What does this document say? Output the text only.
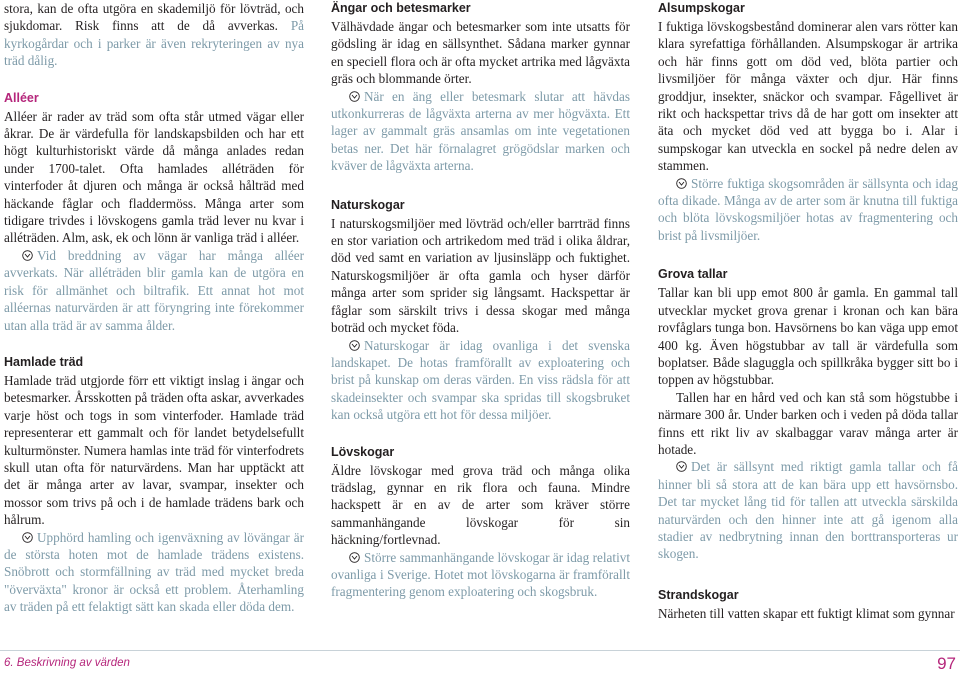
stora, kan de ofta utgöra en skademiljö för lövträd, och sjukdomar. Risk finns att de då avverkas. På kyrkogårdar och i parker är även rekryteringen av nya träd dålig.

Alléer

Alléer är rader av träd som ofta står utmed vägar eller åkrar. De är värdefulla för landskapsbilden och har ett högt kulturhistoriskt värde då många anlades redan under 1700-talet. Ofta hamlades alléträden för vinterfoder åt djuren och många är också hålträd med häckande fåglar och fladdermöss. Många arter som tidigare trivdes i lövskogens gamla träd lever nu kvar i alléträden. Alm, ask, ek och lönn är vanliga träd i alléer.

Vid breddning av vägar har många alléer avverkats. När alléträden blir gamla kan de utgöra en risk för allmänhet och biltrafik. Ett annat hot mot alléernas naturvärden är att föryngring inte förekommer utan alla träd är av samma ålder.

Hamlade träd

Hamlade träd utgjorde förr ett viktigt inslag i ängar och betesmarker. Årsskotten på träden ofta askar, avverkades varje höst och togs in som vinterfoder. Hamlade träd representerar ett gammalt och för landet betydelsefullt kulturmönster. Numera hamlas inte träd för vinterfodrets skull utan ofta för naturvärdens. Man har upptäckt att det är många arter av lavar, svampar, insekter och mossor som trivs på och i de hamlade trädens bark och hålrum.

Upphörd hamling och igenväxning av lövängar är de största hoten mot de hamlade trädens existens. Snöbrott och stormfällning av träd med mycket breda "överväxta" kronor är också ett problem. Återhamling av träden på ett felaktigt sätt kan skada eller döda dem.

Ängar och betesmarker

Välhävdade ängar och betesmarker som inte utsatts för gödsling är idag en sällsynthet. Sådana marker gynnar en speciell flora och är ofta mycket artrika med lågväxta gräs och blommande örter.

När en äng eller betesmark slutar att hävdas utkonkurreras de lågväxta arterna av mer högväxta. Ett lager av gammalt gräs ansamlas om inte vegetationen betas ner. Det här förnalagret grögödslar marken och kväver de lågväxta arterna.

Naturskogar

I naturskogsmiljöer med lövträd och/eller barrträd finns en stor variation och artrikedom med träd i olika åldrar, död ved samt en variation av ljusinsläpp och fuktighet. Naturskogsmiljöer är ofta gamla och hyser därför många arter som sprider sig långsamt. Hackspettar är fåglar som särskilt trivs i dessa skogar med många boträd och mycket föda.

Naturskogar är idag ovanliga i det svenska landskapet. De hotas framförallt av exploatering och brist på kunskap om deras värden. En viss rädsla för att skadeinsekter och svampar ska spridas till skogsbruket kan också utgöra ett hot för dessa miljöer.

Lövskogar

Äldre lövskogar med grova träd och många olika trädslag, gynnar en rik flora och fauna. Mindre hackspett är en av de arter som kräver större sammanhängande lövskogar för sin häckning/fortlevnad.

Större sammanhängande lövskogar är idag relativt ovanliga i Sverige. Hotet mot lövskogarna är framförallt fragmentering genom exploatering och skogsbruk.

Alsumpskogar

I fuktiga lövskogsbestånd dominerar alen vars rötter kan klara syrefattiga förhållanden. Alsumpskogar är artrika och här finns gott om död ved, blöta partier och livsmiljöer för många växter och djur. Här finns groddjur, insekter, snäckor och svampar. Fågellivet är rikt och hackspettar trivs då de har gott om insekter att äta och mycket död ved att bygga bo i. Alar i sumpskogar kan utveckla en sockel på nedre delen av stammen.

Större fuktiga skogsområden är sällsynta och idag ofta dikade. Många av de arter som är knutna till fuktiga och blöta lövskogsmiljöer hotas av fragmentering och brist på livsmiljöer.

Grova tallar

Tallar kan bli upp emot 800 år gamla. En gammal tall utvecklar mycket grova grenar i kronan och kan bära rovfåglars tunga bon. Havsörnens bo kan väga upp emot 400 kg. Även högstubbar av tall är värdefulla som boplatser. Både slaguggla och spillkråka bygger sitt bo i toppen av högstubbar.

Tallen har en hård ved och kan stå som högstubbe i närmare 300 år. Under barken och i veden på döda tallar finns ett rikt liv av skalbaggar varav många arter är hotade.

Det är sällsynt med riktigt gamla tallar och få hinner bli så stora att de kan bära upp ett havsörnsbo. Det tar mycket lång tid för tallen att utveckla särskilda naturvärden och den hinner inte att gå igenom alla stadier av nedbrytning innan den borttransporteras ur skogen.

Strandskogar

Närheten till vatten skapar ett fuktigt klimat som gynnar

6. Beskrivning av värden	97
